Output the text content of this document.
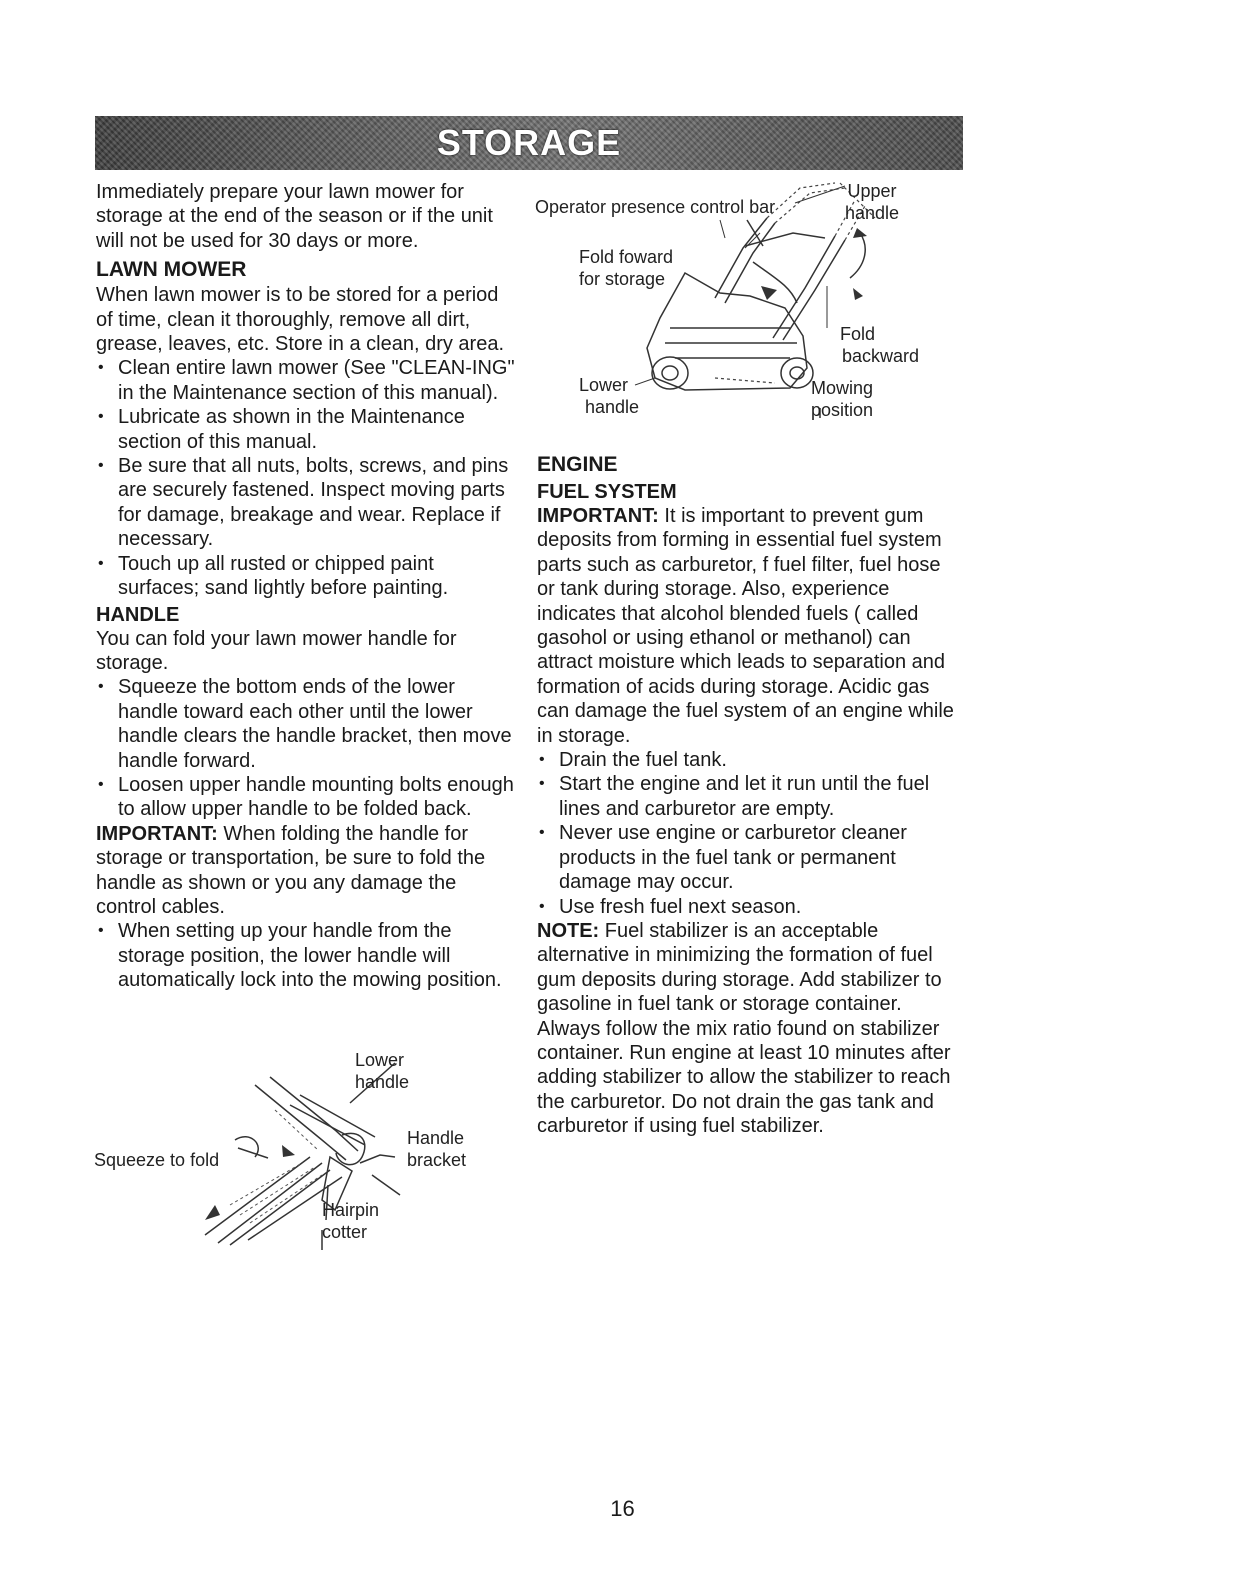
STORAGE

Immediately prepare your lawn mower for storage at the end of the season or if the unit will not be used for 30 days or more.

LAWN MOWER

When lawn mower is to be stored for a period of time, clean it thoroughly, remove all dirt, grease, leaves, etc. Store in a clean, dry area.

• Clean entire lawn mower (See "CLEAN-ING" in the Maintenance section of this manual).
• Lubricate as shown in the Maintenance section of this manual.
• Be sure that all nuts, bolts, screws, and pins are securely fastened. Inspect moving parts for damage, breakage and wear. Replace if necessary.
• Touch up all rusted or chipped paint surfaces; sand lightly before painting.
HANDLE

You can fold your lawn mower handle for storage.

• Squeeze the bottom ends of the lower handle toward each other until the lower handle clears the handle bracket, then move handle forward.
• Loosen upper handle mounting bolts enough to allow upper handle to be folded back.

IMPORTANT: When folding the handle for storage or transportation, be sure to fold the handle as shown or you any damage the control cables.

• When setting up your handle from the storage position, the lower handle will automatically lock into the mowing position.
Lower
handle
Squeeze to fold
Handle
bracket
Hairpin
cotter
Operator presence control bar
Upper
handle
Fold foward
for storage
Fold
backward
Lower
handle
Mowing
position
ENGINE
FUEL SYSTEM

IMPORTANT: It is important to prevent gum deposits from forming in essential fuel system parts such as carburetor, f fuel filter, fuel hose or tank during storage. Also, experience indicates that alcohol blended fuels ( called gasohol or using ethanol or methanol) can attract moisture which leads to separation and formation of acids during storage. Acidic gas can damage the fuel system of an engine while in storage.

• Drain the fuel tank.
• Start the engine and let it run until the fuel lines and carburetor are empty.
• Never use engine or carburetor cleaner products in the fuel tank or permanent damage may occur.
• Use fresh fuel next season.

NOTE: Fuel stabilizer is an acceptable alternative in minimizing the formation of fuel gum deposits during storage. Add stabilizer to gasoline in fuel tank or storage container. Always follow the mix ratio found on stabilizer container. Run engine at least 10 minutes after adding stabilizer to allow the stabilizer to reach the carburetor. Do not drain the gas tank and carburetor if using fuel stabilizer.

16
